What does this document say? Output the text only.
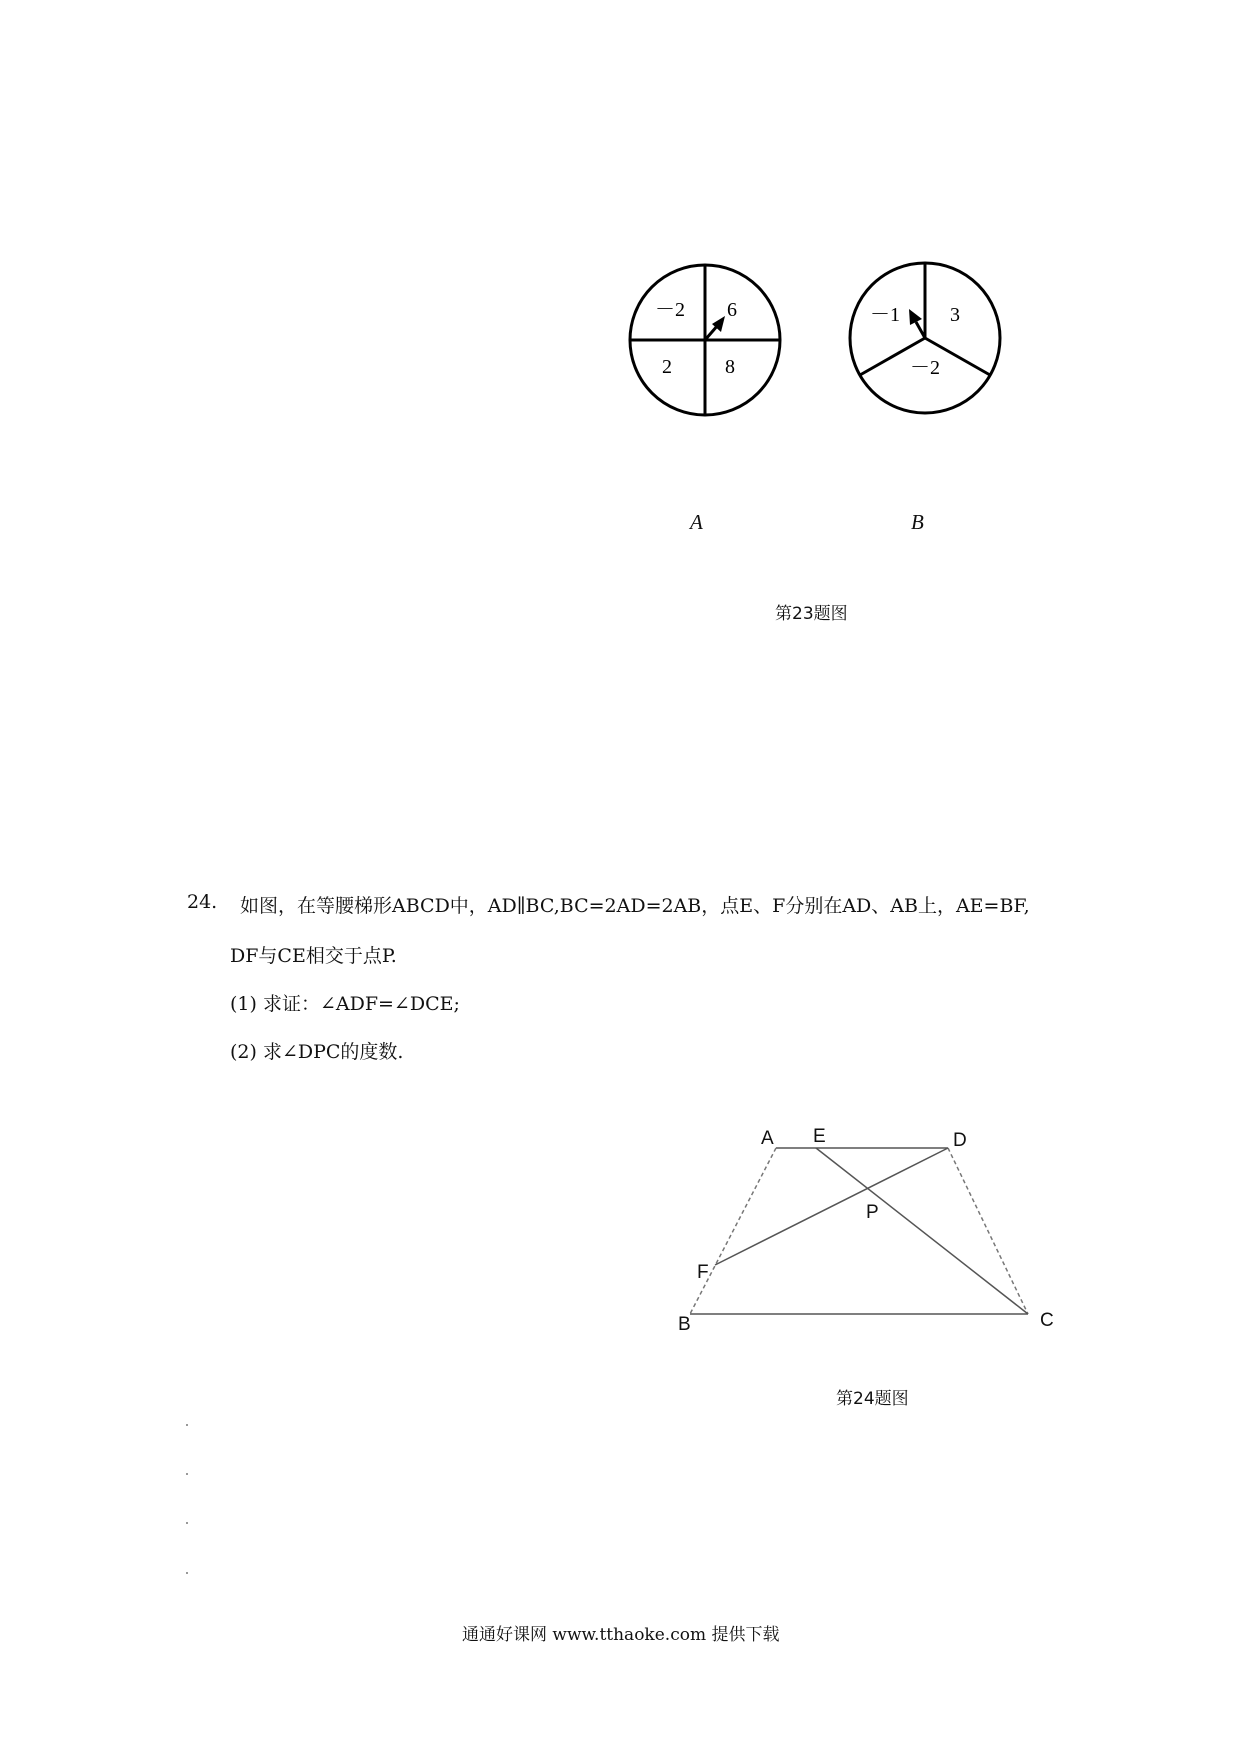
－2 6
2	8
－1	3
－2
A	B
第23题图
24. 如图，在等腰梯形ABCD中，AD∥BC,BC=2AD=2AB，点E、F分别在AD、AB上，AE=BF,
DF与CE相交于点P.
(1) 求证：∠ADF=∠DCE;
(2) 求∠DPC的度数.
A E	D
P
F
B	C
第24题图
通通好课网 www.tthaoke.com 提供下载
